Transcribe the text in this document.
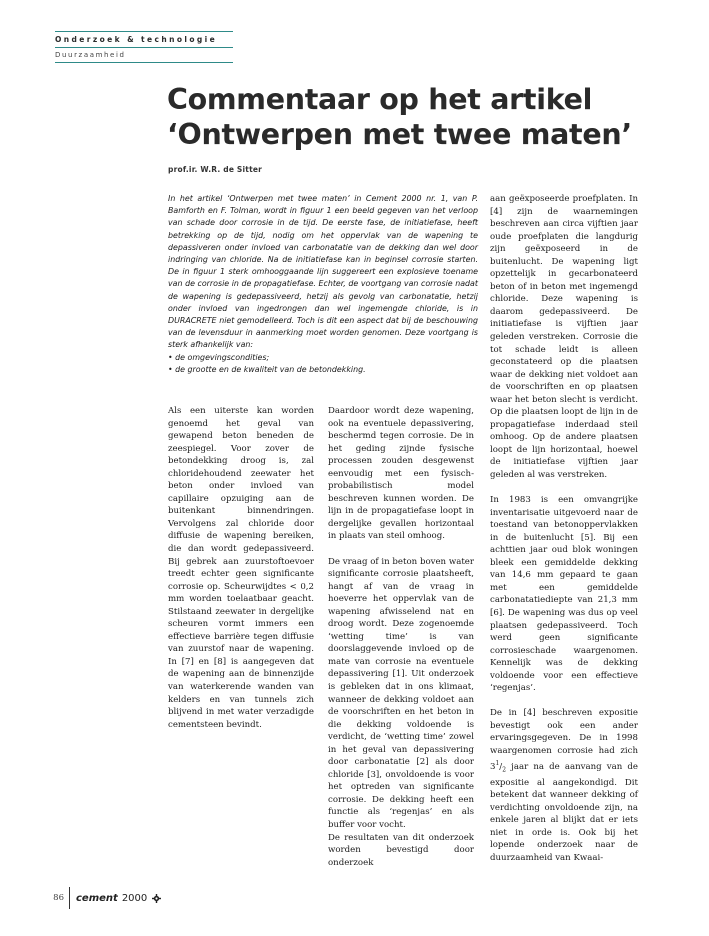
Onderzoek & technologie
Duurzaamheid
Commentaar op het artikel
‘Ontwerpen met twee maten’
prof.ir. W.R. de Sitter
In het artikel ‘Ontwerpen met twee maten’ in Cement 2000 nr. 1, van P. Bamforth en F. Tolman, wordt in figuur 1 een beeld gegeven van het verloop van schade door corrosie in de tijd. De eerste fase, de initiatiefase, heeft betrekking op de tijd, nodig om het oppervlak van de wapening te depassiveren onder invloed van carbonatatie van de dekking dan wel door indringing van chloride. Na de initiatiefase kan in beginsel corrosie starten. De in figuur 1 sterk omhooggaande lijn suggereert een explosieve toename van de corrosie in de propagatiefase. Echter, de voortgang van corrosie nadat de wapening is gedepassiveerd, hetzij als gevolg van carbonatatie, hetzij onder invloed van ingedrongen dan wel ingemengde chloride, is in DURACRETE niet gemodelleerd. Toch is dit een aspect dat bij de beschouwing van de levensduur in aanmerking moet worden genomen. Deze voortgang is sterk afhankelijk van:
• de omgevingscondities;
• de grootte en de kwaliteit van de betondekking.

Als een uiterste kan worden genoemd het geval van gewapend beton beneden de zeespiegel. Voor zover de betondekking droog is, zal chloridehoudend zeewater het beton onder invloed van capillaire opzuiging aan de buitenkant binnendringen. Vervolgens zal chloride door diffusie de wapening bereiken, die dan wordt gedepassiveerd. Bij gebrek aan zuurstoftoevoer treedt echter geen significante corrosie op. Scheurwijdtes < 0,2 mm worden toelaatbaar geacht. Stilstaand zeewater in dergelijke scheuren vormt immers een effectieve barrière tegen diffusie van zuurstof naar de wapening. In [7] en [8] is aangegeven dat de wapening aan de binnenzijde van waterkerende wanden van kelders en van tunnels zich blijvend in met water verzadigde cementsteen bevindt.

Daardoor wordt deze wapening, ook na eventuele depassivering, beschermd tegen corrosie. De in het geding zijnde fysische processen zouden desgewenst eenvoudig met een fysisch-probabilistisch model beschreven kunnen worden. De lijn in de propagatiefase loopt in dergelijke gevallen horizontaal in plaats van steil omhoog.

De vraag of in beton boven water significante corrosie plaatsheeft, hangt af van de vraag in hoeverre het oppervlak van de wapening afwisselend nat en droog wordt. Deze zogenoemde ‘wetting time’ is van doorslaggevende invloed op de mate van corrosie na eventuele depassivering [1]. Uit onderzoek is gebleken dat in ons klimaat, wanneer de dekking voldoet aan de voorschriften en het beton in die dekking voldoende is verdicht, de ‘wetting time’ zowel in het geval van depassivering door carbonatatie [2] als door chloride [3], onvoldoende is voor het optreden van significante corrosie. De dekking heeft een functie als ‘regenjas’ en als buffer voor vocht.

De resultaten van dit onderzoek worden bevestigd door onderzoek

aan geëxposeerde proefplaten. In [4] zijn de waarnemingen beschreven aan circa vijftien jaar oude proefplaten die langdurig zijn geëxposeerd in de buitenlucht. De wapening ligt opzettelijk in gecarbonateerd beton of in beton met ingemengd chloride. Deze wapening is daarom gedepassiveerd. De initiatiefase is vijftien jaar geleden verstreken. Corrosie die tot schade leidt is alleen geconstateerd op die plaatsen waar de dekking niet voldoet aan de voorschriften en op plaatsen waar het beton slecht is verdicht. Op die plaatsen loopt de lijn in de propagatiefase inderdaad steil omhoog. Op de andere plaatsen loopt de lijn horizontaal, hoewel de initiatiefase vijftien jaar geleden al was verstreken.

In 1983 is een omvangrijke inventarisatie uitgevoerd naar de toestand van betonoppervlakken in de buitenlucht [5]. Bij een achttien jaar oud blok woningen bleek een gemiddelde dekking van 14,6 mm gepaard te gaan met een gemiddelde carbonatatiediepte van 21,3 mm [6]. De wapening was dus op veel plaatsen gedepassiveerd. Toch werd geen significante corrosieschade waargenomen. Kennelijk was de dekking voldoende voor een effectieve ‘regenjas’.

De in [4] beschreven expositie bevestigt ook een ander ervaringsgegeven. De in 1998 waargenomen corrosie had zich $3^1/_2$ jaar na de aanvang van de expositie al aangekondigd. Dit betekent dat wanneer dekking of verdichting onvoldoende zijn, na enkele jaren al blijkt dat er iets niet in orde is. Ook bij het lopende onderzoek naar de duurzaamheid van Kwaai-

86	cement 2000
